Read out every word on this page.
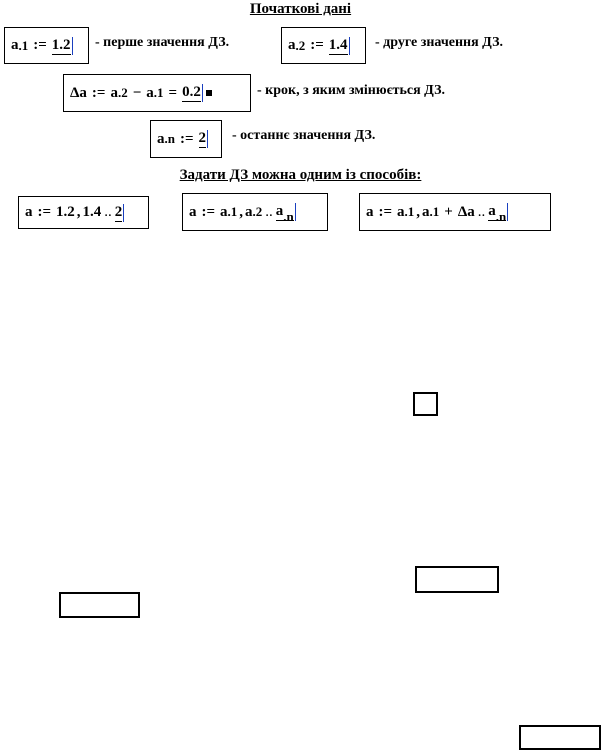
Початкові дані
a .1 := 1.2 - перше значення ДЗ.	a .2 := 1.4 - друге значення ДЗ.
Δa := a .2 − a .1 = 0.2	- крок, з яким змінюється ДЗ.
a .n := 2 - останнє значення ДЗ.
Задати ДЗ можна одним із способів:
a := 1.2 , 1.4 .. 2	a := a .1 , a .2 .. $a_{.n}$	a := a .1 , a .1 + Δa .. $a_{.n}$
